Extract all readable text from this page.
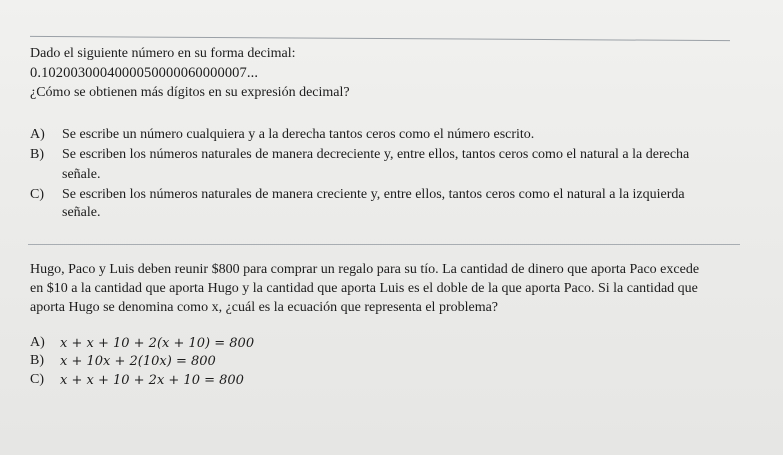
Dado el siguiente número en su forma decimal:
0.1020030004000050000060000007...
¿Cómo se obtienen más dígitos en su expresión decimal?
A) Se escribe un número cualquiera y a la derecha tantos ceros como el número escrito.
B) Se escriben los números naturales de manera decreciente y, entre ellos, tantos ceros como el natural a la derecha
señale.
C) Se escriben los números naturales de manera creciente y, entre ellos, tantos ceros como el natural a la izquierda
señale.
Hugo, Paco y Luis deben reunir $800 para comprar un regalo para su tío. La cantidad de dinero que aporta Paco excede
en $10 a la cantidad que aporta Hugo y la cantidad que aporta Luis es el doble de la que aporta Paco. Si la cantidad que
aporta Hugo se denomina como x, ¿cuál es la ecuación que representa el problema?
A) x + x + 10 + 2(x + 10) = 800
B) x + 10x + 2(10x) = 800
C) x + x + 10 + 2x + 10 = 800
